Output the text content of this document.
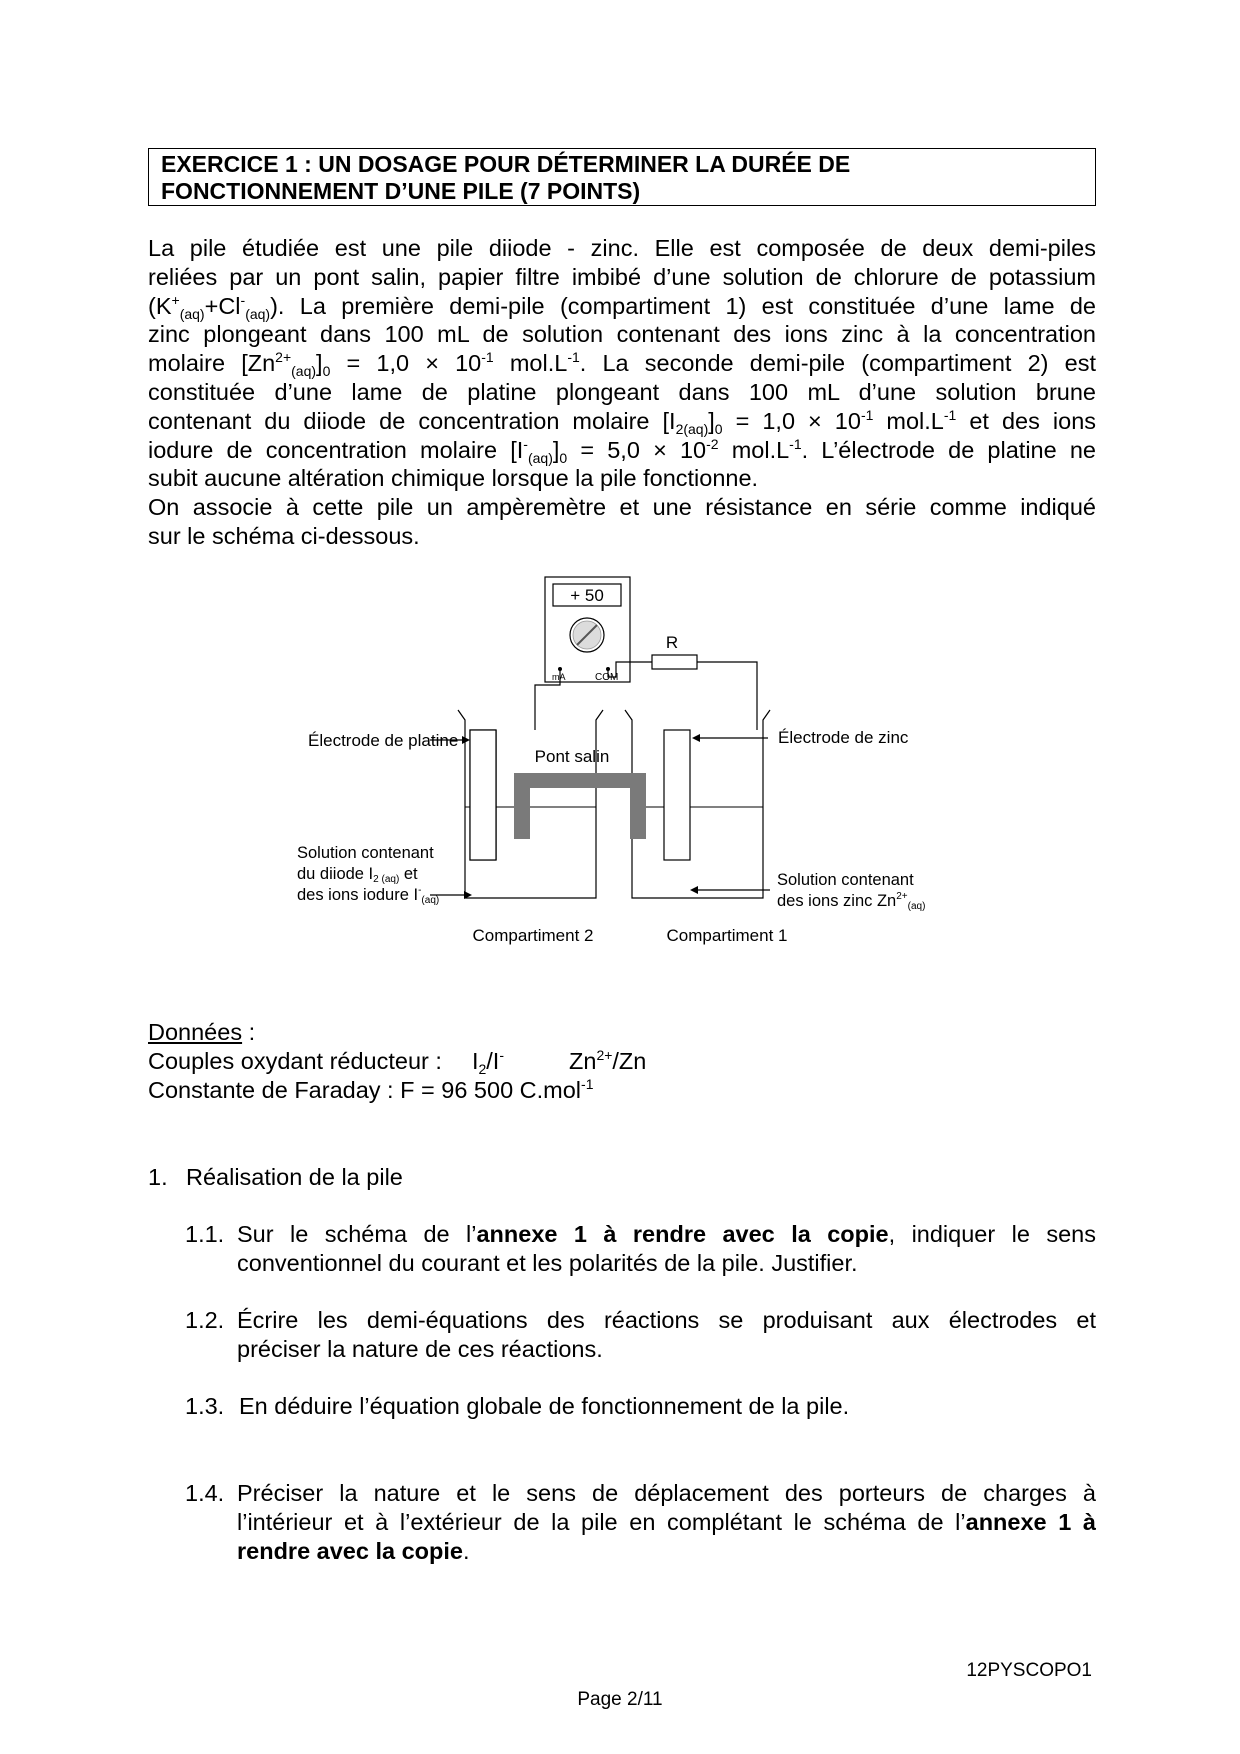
EXERCICE 1 : UN DOSAGE POUR DÉTERMINER LA DURÉE DE
FONCTIONNEMENT D’UNE PILE (7 POINTS)
La pile étudiée est une pile diiode - zinc. Elle est composée de deux demi-piles
reliées par un pont salin, papier filtre imbibé d’une solution de chlorure de potassium
$(K^+_{(aq)}+Cl^-_{(aq)})$. La première demi-pile (compartiment 1) est constituée d’une lame de
zinc plongeant dans 100 mL de solution contenant des ions zinc à la concentration
molaire $[Zn^{2+}_{(aq)}]_0 = 1,0 \times 10^{-1}$ $mol.L^{-1}$. La seconde demi-pile (compartiment 2) est
constituée d’une lame de platine plongeant dans 100 mL d’une solution brune
contenant du diiode de concentration molaire $[I_{2(aq)}]_0 = 1,0 \times 10^{-1}$ $mol.L^{-1}$ et des ions
iodure de concentration molaire $[I^-_{(aq)}]_0 = 5,0 \times 10^{-2}$ $mol.L^{-1}$. L’électrode de platine ne
subit aucune altération chimique lorsque la pile fonctionne.
On associe à cette pile un ampèremètre et une résistance en série comme indiqué
sur le schéma ci-dessous.
+ 50
mA	COM
R
Pont salin
Électrode de platine	Électrode de zinc
Solution contenant
du diiode I2 (aq) et
des ions iodure $I^-_{(aq)}$
Solution contenant
des ions zinc $Zn^{2+}_{(aq)}$
Compartiment 2	Compartiment 1
Données :
Couples oxydant réducteur : $I_2/I^-$	$Zn^{2+}/Zn$
Constante de Faraday : F = 96 500 C.mol$^{-1}$
1. Réalisation de la pile
1.1. Sur le schéma de l’annexe 1 à rendre avec la copie, indiquer le sens
conventionnel du courant et les polarités de la pile. Justifier.
1.2. Écrire les demi-équations des réactions se produisant aux électrodes et
préciser la nature de ces réactions.
1.3. En déduire l’équation globale de fonctionnement de la pile.
1.4. Préciser la nature et le sens de déplacement des porteurs de charges à
l’intérieur et à l’extérieur de la pile en complétant le schéma de l’annexe 1 à
rendre avec la copie.
12PYSCOPO1
Page 2/11
